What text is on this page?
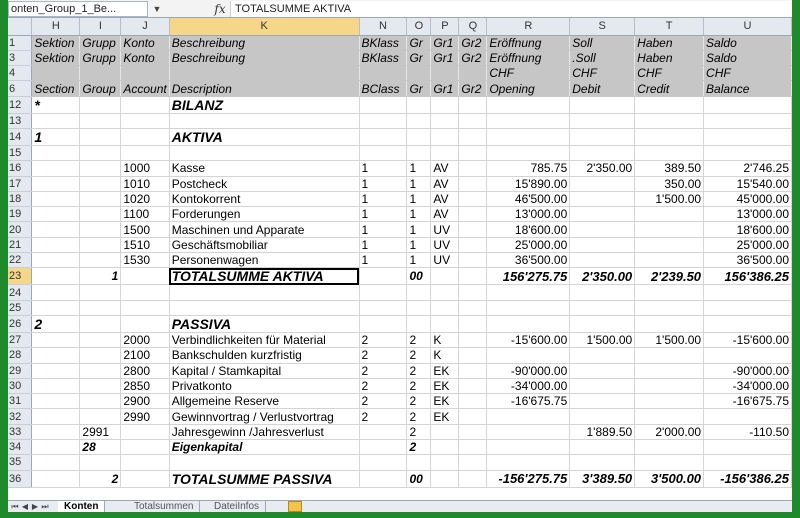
onten_Group_1_Be...	▼	fx TOTALSUMME AKTIVA
	H	I	J	K	N	O	P	Q	R	S	T	U
1	Sektion	Grupp	Konto	Beschreibung	BKlass	Gr	Gr1	Gr2	Eröffnung	Soll	Haben	Saldo
3	Sektion	Grupp	Konto	Beschreibung	BKlass	Gr	Gr1	Gr2	Eröffnung	.Soll	Haben	Saldo
4									CHF	CHF	CHF	CHF
6	Section	Group	Account	Description	BClass	Gr	Gr1	Gr2	Opening	Debit	Credit	Balance
12	*			BILANZ								
13												
14	1			AKTIVA								
15												
16			1000	Kasse	1	1	AV		785.75	2'350.00	389.50	2'746.25
17			1010	Postcheck	1	1	AV		15'890.00		350.00	15'540.00
18			1020	Kontokorrent	1	1	AV		46'500.00		1'500.00	45'000.00
19			1100	Forderungen	1	1	AV		13'000.00			13'000.00
20			1500	Maschinen und Apparate	1	1	UV		18'600.00			18'600.00
21			1510	Geschäftsmobiliar	1	1	UV		25'000.00			25'000.00
22			1530	Personenwagen	1	1	UV		36'500.00			36'500.00
23		1		TOTALSUMME AKTIVA		00			156'275.75	2'350.00	2'239.50	156'386.25
24												
25												
26	2			PASSIVA								
27			2000	Verbindlichkeiten für Material	2	2	K		-15'600.00	1'500.00	1'500.00	-15'600.00
28			2100	Bankschulden kurzfristig	2	2	K					
29			2800	Kapital / Stamkapital	2	2	EK		-90'000.00			-90'000.00
30			2850	Privatkonto	2	2	EK		-34'000.00			-34'000.00
31			2900	Allgemeine Reserve	2	2	EK		-16'675.75			-16'675.75
32			2990	Gewinnvortrag / Verlustvortrag	2	2	EK					
33		2991		Jahresgewinn /Jahresverlust		2				1'889.50	2'000.00	-110.50
34		28		Eigenkapital		2						
35												
36		2		TOTALSUMME PASSIVA		00			-156'275.75	3'389.50	3'500.00	-156'386.25
⏮ ◀ ▶ ⏭	Konten	Totalsummen	DateiInfos
